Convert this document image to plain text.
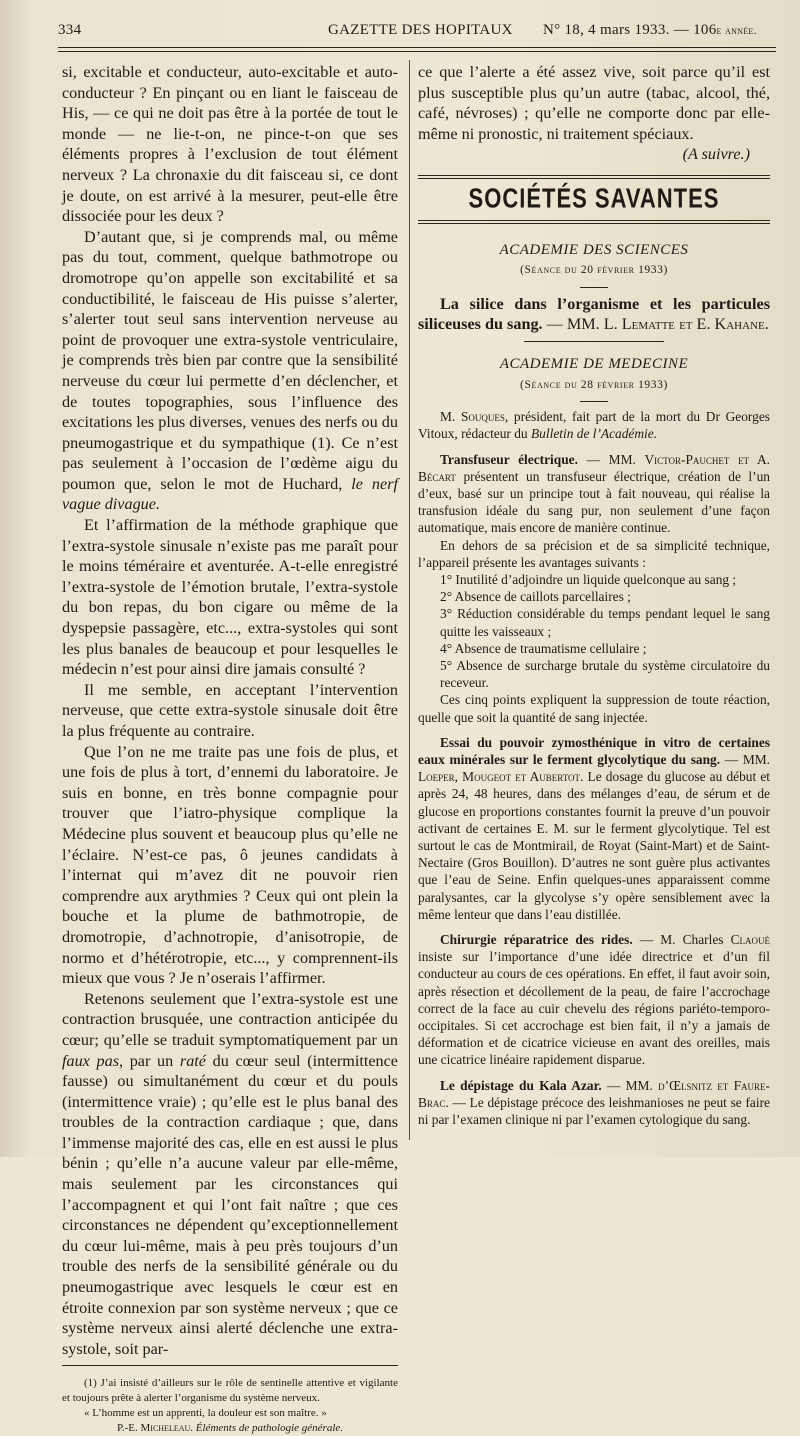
334	GAZETTE DES HOPITAUX N° 18, 4 mars 1933. — 106e année.

si, excitable et conducteur, auto-excitable et auto-conducteur ? En pinçant ou en liant le faisceau de His, — ce qui ne doit pas être à la portée de tout le monde — ne lie-t-on, ne pince-t-on que ses éléments propres à l’exclusion de tout élément nerveux ? La chronaxie du dit faisceau si, ce dont je doute, on est arrivé à la mesurer, peut-elle être dissociée pour les deux ?

D’autant que, si je comprends mal, ou même pas du tout, comment, quelque bathmotrope ou dromotrope qu’on appelle son excitabilité et sa conductibilité, le faisceau de His puisse s’alerter, s’alerter tout seul sans intervention nerveuse au point de provoquer une extra-systole ventriculaire, je comprends très bien par contre que la sensibilité nerveuse du cœur lui permette d’en déclencher, et de toutes topographies, sous l’influence des excitations les plus diverses, venues des nerfs ou du pneumogastrique et du sympathique (1). Ce n’est pas seulement à l’occasion de l’œdème aigu du poumon que, selon le mot de Huchard, le nerf vague divague.

Et l’affirmation de la méthode graphique que l’extra-systole sinusale n’existe pas me paraît pour le moins téméraire et aventurée. A-t-elle enregistré l’extra-systole de l’émotion brutale, l’extra-systole du bon repas, du bon cigare ou même de la dyspepsie passagère, etc..., extra-systoles qui sont les plus banales de beaucoup et pour lesquelles le médecin n’est pour ainsi dire jamais consulté ?

Il me semble, en acceptant l’intervention nerveuse, que cette extra-systole sinusale doit être la plus fréquente au contraire.

Que l’on ne me traite pas une fois de plus, et une fois de plus à tort, d’ennemi du laboratoire. Je suis en bonne, en très bonne compagnie pour trouver que l’iatro-physique complique la Médecine plus souvent et beaucoup plus qu’elle ne l’éclaire. N’est-ce pas, ô jeunes candidats à l’internat qui m’avez dit ne pouvoir rien comprendre aux arythmies ? Ceux qui ont plein la bouche et la plume de bathmotropie, de dromotropie, d’achnotropie, d’anisotropie, de normo et d’hétérotropie, etc..., y comprennent-ils mieux que vous ? Je n’oserais l’affirmer.

Retenons seulement que l’extra-systole est une contraction brusquée, une contraction anticipée du cœur; qu’elle se traduit symptomatiquement par un faux pas, par un raté du cœur seul (intermittence fausse) ou simultanément du cœur et du pouls (intermittence vraie) ; qu’elle est le plus banal des troubles de la contraction cardiaque ; que, dans l’immense majorité des cas, elle en est aussi le plus bénin ; qu’elle n’a aucune valeur par elle-même, mais seulement par les circonstances qui l’accompagnent et qui l’ont fait naître ; que ces circonstances ne dépendent qu’exceptionnellement du cœur lui-même, mais à peu près toujours d’un trouble des nerfs de la sensibilité générale ou du pneumogastrique avec lesquels le cœur est en étroite connexion par son système nerveux ; que ce système nerveux ainsi alerté déclenche une extra-systole, soit par-

(1) J’ai insisté d’ailleurs sur le rôle de sentinelle attentive et vigilante et toujours prête à alerter l’organisme du système nerveux.

« L’homme est un apprenti, la douleur est son maître. »

P.-E. Micheleau. Éléments de pathologie générale.

ce que l’alerte a été assez vive, soit parce qu’il est plus susceptible plus qu’un autre (tabac, alcool, thé, café, névroses) ; qu’elle ne comporte donc par elle-même ni pronostic, ni traitement spéciaux.

(A suivre.)

SOCIÉTÉS SAVANTES
ACADEMIE DES SCIENCES
(Séance du 20 février 1933)

La silice dans l’organisme et les particules siliceuses du sang. — MM. L. Lematte et E. Kahane.

ACADEMIE DE MEDECINE
(Séance du 28 février 1933)

M. Souques, président, fait part de la mort du Dr Georges Vitoux, rédacteur du Bulletin de l’Académie.

Transfuseur électrique. — MM. Victor-Pauchet et A. Bécart présentent un transfuseur électrique, création de l’un d’eux, basé sur un principe tout à fait nouveau, qui réalise la transfusion idéale du sang pur, non seulement d’une façon automatique, mais encore de manière continue.

En dehors de sa précision et de sa simplicité technique, l’appareil présente les avantages suivants :

1° Inutilité d’adjoindre un liquide quelconque au sang ;

2° Absence de caillots parcellaires ;

3° Réduction considérable du temps pendant lequel le sang quitte les vaisseaux ;

4° Absence de traumatisme cellulaire ;

5° Absence de surcharge brutale du système circulatoire du receveur.

Ces cinq points expliquent la suppression de toute réaction, quelle que soit la quantité de sang injectée.

Essai du pouvoir zymosthénique in vitro de certaines eaux minérales sur le ferment glycolytique du sang. — MM. Loeper, Mougeot et Aubertot. Le dosage du glucose au début et après 24, 48 heures, dans des mélanges d’eau, de sérum et de glucose en proportions constantes fournit la preuve d’un pouvoir activant de certaines E. M. sur le ferment glycolytique. Tel est surtout le cas de Montmirail, de Royat (Saint-Mart) et de Saint-Nectaire (Gros Bouillon). D’autres ne sont guère plus activantes que l’eau de Seine. Enfin quelques-unes apparaissent comme paralysantes, car la glycolyse s’y opère sensiblement avec la même lenteur que dans l’eau distillée.

Chirurgie réparatrice des rides. — M. Charles Claoué insiste sur l’importance d’une idée directrice et d’un fil conducteur au cours de ces opérations. En effet, il faut avoir soin, après résection et décollement de la peau, de faire l’accrochage correct de la face au cuir chevelu des régions pariéto-temporo-occipitales. Si cet accrochage est bien fait, il n’y a jamais de déformation et de cicatrice vicieuse en avant des oreilles, mais une cicatrice linéaire rapidement disparue.

Le dépistage du Kala Azar. — MM. d’Œlsnitz et Faure-Brac. — Le dépistage précoce des leishmanioses ne peut se faire ni par l’examen clinique ni par l’examen cytologique du sang.
